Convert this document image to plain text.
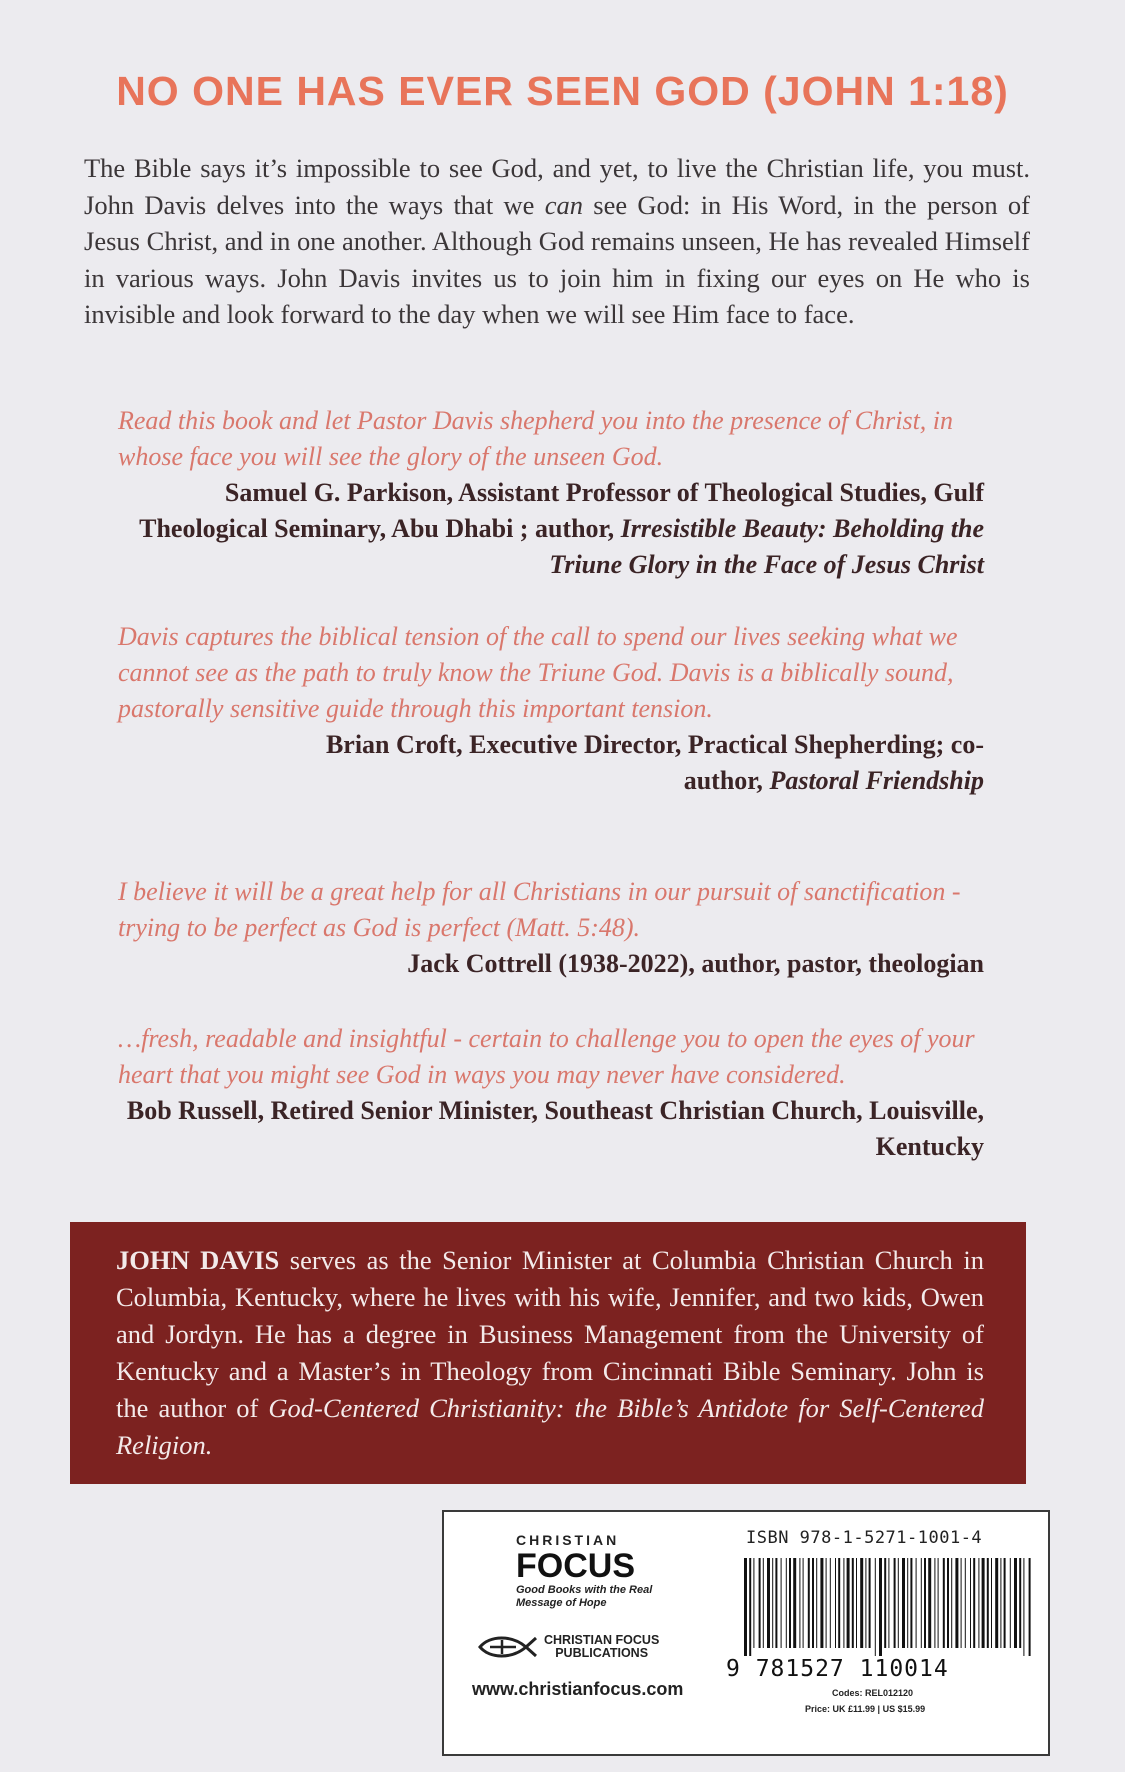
NO ONE HAS EVER SEEN GOD (JOHN 1:18)

The Bible says it’s impossible to see God, and yet, to live the Christian life, you must. John Davis delves into the ways that we can see God: in His Word, in the person of Jesus Christ, and in one another. Although God remains unseen, He has revealed Himself in various ways. John Davis invites us to join him in fixing our eyes on He who is invisible and look forward to the day when we will see Him face to face.

Read this book and let Pastor Davis shepherd you into the presence of Christ, in whose face you will see the glory of the unseen God.

Samuel G. Parkison, Assistant Professor of Theological Studies, Gulf Theological Seminary, Abu Dhabi ; author, Irresistible Beauty: Beholding the Triune Glory in the Face of Jesus Christ

Davis captures the biblical tension of the call to spend our lives seeking what we cannot see as the path to truly know the Triune God. Davis is a biblically sound, pastorally sensitive guide through this important tension.

Brian Croft, Executive Director, Practical Shepherding; co-author, Pastoral Friendship

I believe it will be a great help for all Christians in our pursuit of sanctification - trying to be perfect as God is perfect (Matt. 5:48).

Jack Cottrell (1938-2022), author, pastor, theologian

…fresh, readable and insightful - certain to challenge you to open the eyes of your heart that you might see God in ways you may never have considered.

Bob Russell, Retired Senior Minister, Southeast Christian Church, Louisville, Kentucky

JOHN DAVIS serves as the Senior Minister at Columbia Christian Church in Columbia, Kentucky, where he lives with his wife, Jennifer, and two kids, Owen and Jordyn. He has a degree in Business Management from the University of Kentucky and a Master’s in Theology from Cincinnati Bible Seminary. John is the author of God-Centered Christianity: the Bible’s Antidote for Self-Centered Religion.

CHRISTIAN
FOCUS
Good Books with the Real Message of Hope
CHRISTIAN FOCUS
PUBLICATIONS
www.christianfocus.com
ISBN 978-1-5271-1001-4
9 781527 110014
Codes: REL012120
Price: UK £11.99 | US $15.99
